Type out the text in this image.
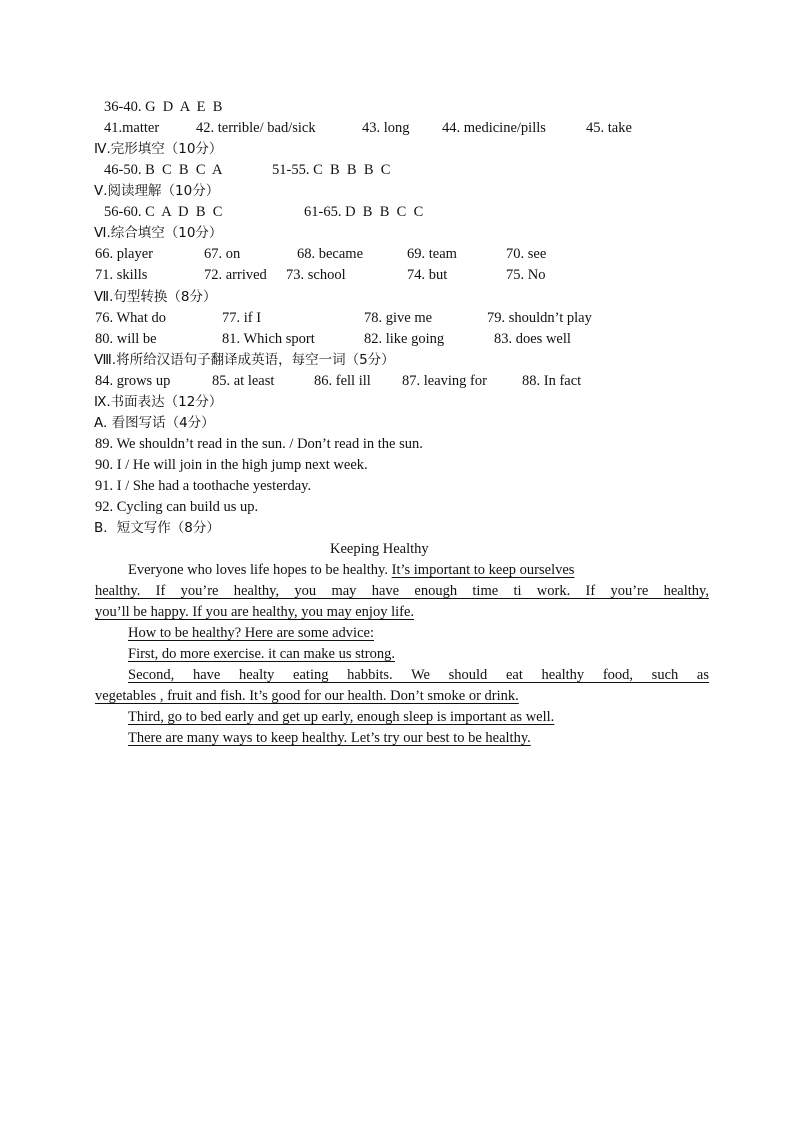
36-40. G  D  A  E  B
41.matter	42. terrible/ bad/sick	43. long 44. medicine/pills	45. take
Ⅳ.完形填空（10分）
46-50. B  C  B  C  A	51-55. C  B  B  B  C
Ⅴ.阅读理解（10分）
56-60. C  A  D  B  C	61-65. D  B  B  C  C
Ⅵ.综合填空（10分）
66. player	67. on	68. became	69. team	70. see
71. skills	72. arrived 73. school	74. but	75. No
Ⅶ.句型转换（8分）
76. What do	77. if I	78. give me	79. shouldn’t play
80. will be	81. Which sport	82. like going	83. does well
Ⅷ.将所给汉语句子翻译成英语，每空一词（5分）
84. grows up	85. at least	86. fell ill 87. leaving for 88. In fact
Ⅸ.书面表达（12分）
A. 看图写话（4分）
89. We shouldn’t read in the sun. / Don’t read in the sun.
90. I / He will join in the high jump next week.
91. I / She had a toothache yesterday.
92. Cycling can build us up.
B．短文写作（8分）
Keeping Healthy
Everyone who loves life hopes to be healthy. It’s important to keep ourselves
healthy. If you’re healthy, you may have enough time ti work. If you’re healthy,
you’ll be happy. If you are healthy, you may enjoy life.
How to be healthy? Here are some advice:
First, do more exercise. it can make us strong.
Second, have healty eating habbits. We should eat healthy food, such as
vegetables , fruit and fish. It’s good for our health. Don’t smoke or drink.
Third, go to bed early and get up early, enough sleep is important as well.
There are many ways to keep healthy. Let’s try our best to be healthy.
